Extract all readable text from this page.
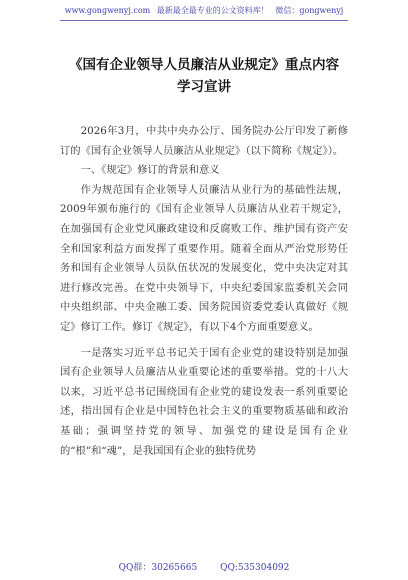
www.gongwenyj.com 最新最全最专业的公文资料库！ 微信：gongwenyj
《国有企业领导人员廉洁从业规定》重点内容
学习宣讲

2026年3月，中共中央办公厅、国务院办公厅印发了新修订的《国有企业领导人员廉洁从业规定》（以下简称《规定》）。

一、《规定》修订的背景和意义

作为规范国有企业领导人员廉洁从业行为的基础性法规，2009年颁布施行的《国有企业领导人员廉洁从业若干规定》，在加强国有企业党风廉政建设和反腐败工作、维护国有资产安全和国家利益方面发挥了重要作用。随着全面从严治党形势任务和国有企业领导人员队伍状况的发展变化，党中央决定对其进行修改完善。在党中央领导下，中央纪委国家监委机关会同中央组织部、中央金融工委、国务院国资委党委认真做好《规定》修订工作。修订《规定》，有以下4个方面重要意义。

一是落实习近平总书记关于国有企业党的建设特别是加强国有企业领导人员廉洁从业重要论述的重要举措。党的十八大以来，习近平总书记围绕国有企业党的建设发表一系列重要论述，指出国有企业是中国特色社会主义的重要物质基础和政治基础；强调坚持党的领导、加强党的建设是国有企业的“根”和“魂”，是我国国有企业的独特优势

QQ群：30265665	QQ:535304092
